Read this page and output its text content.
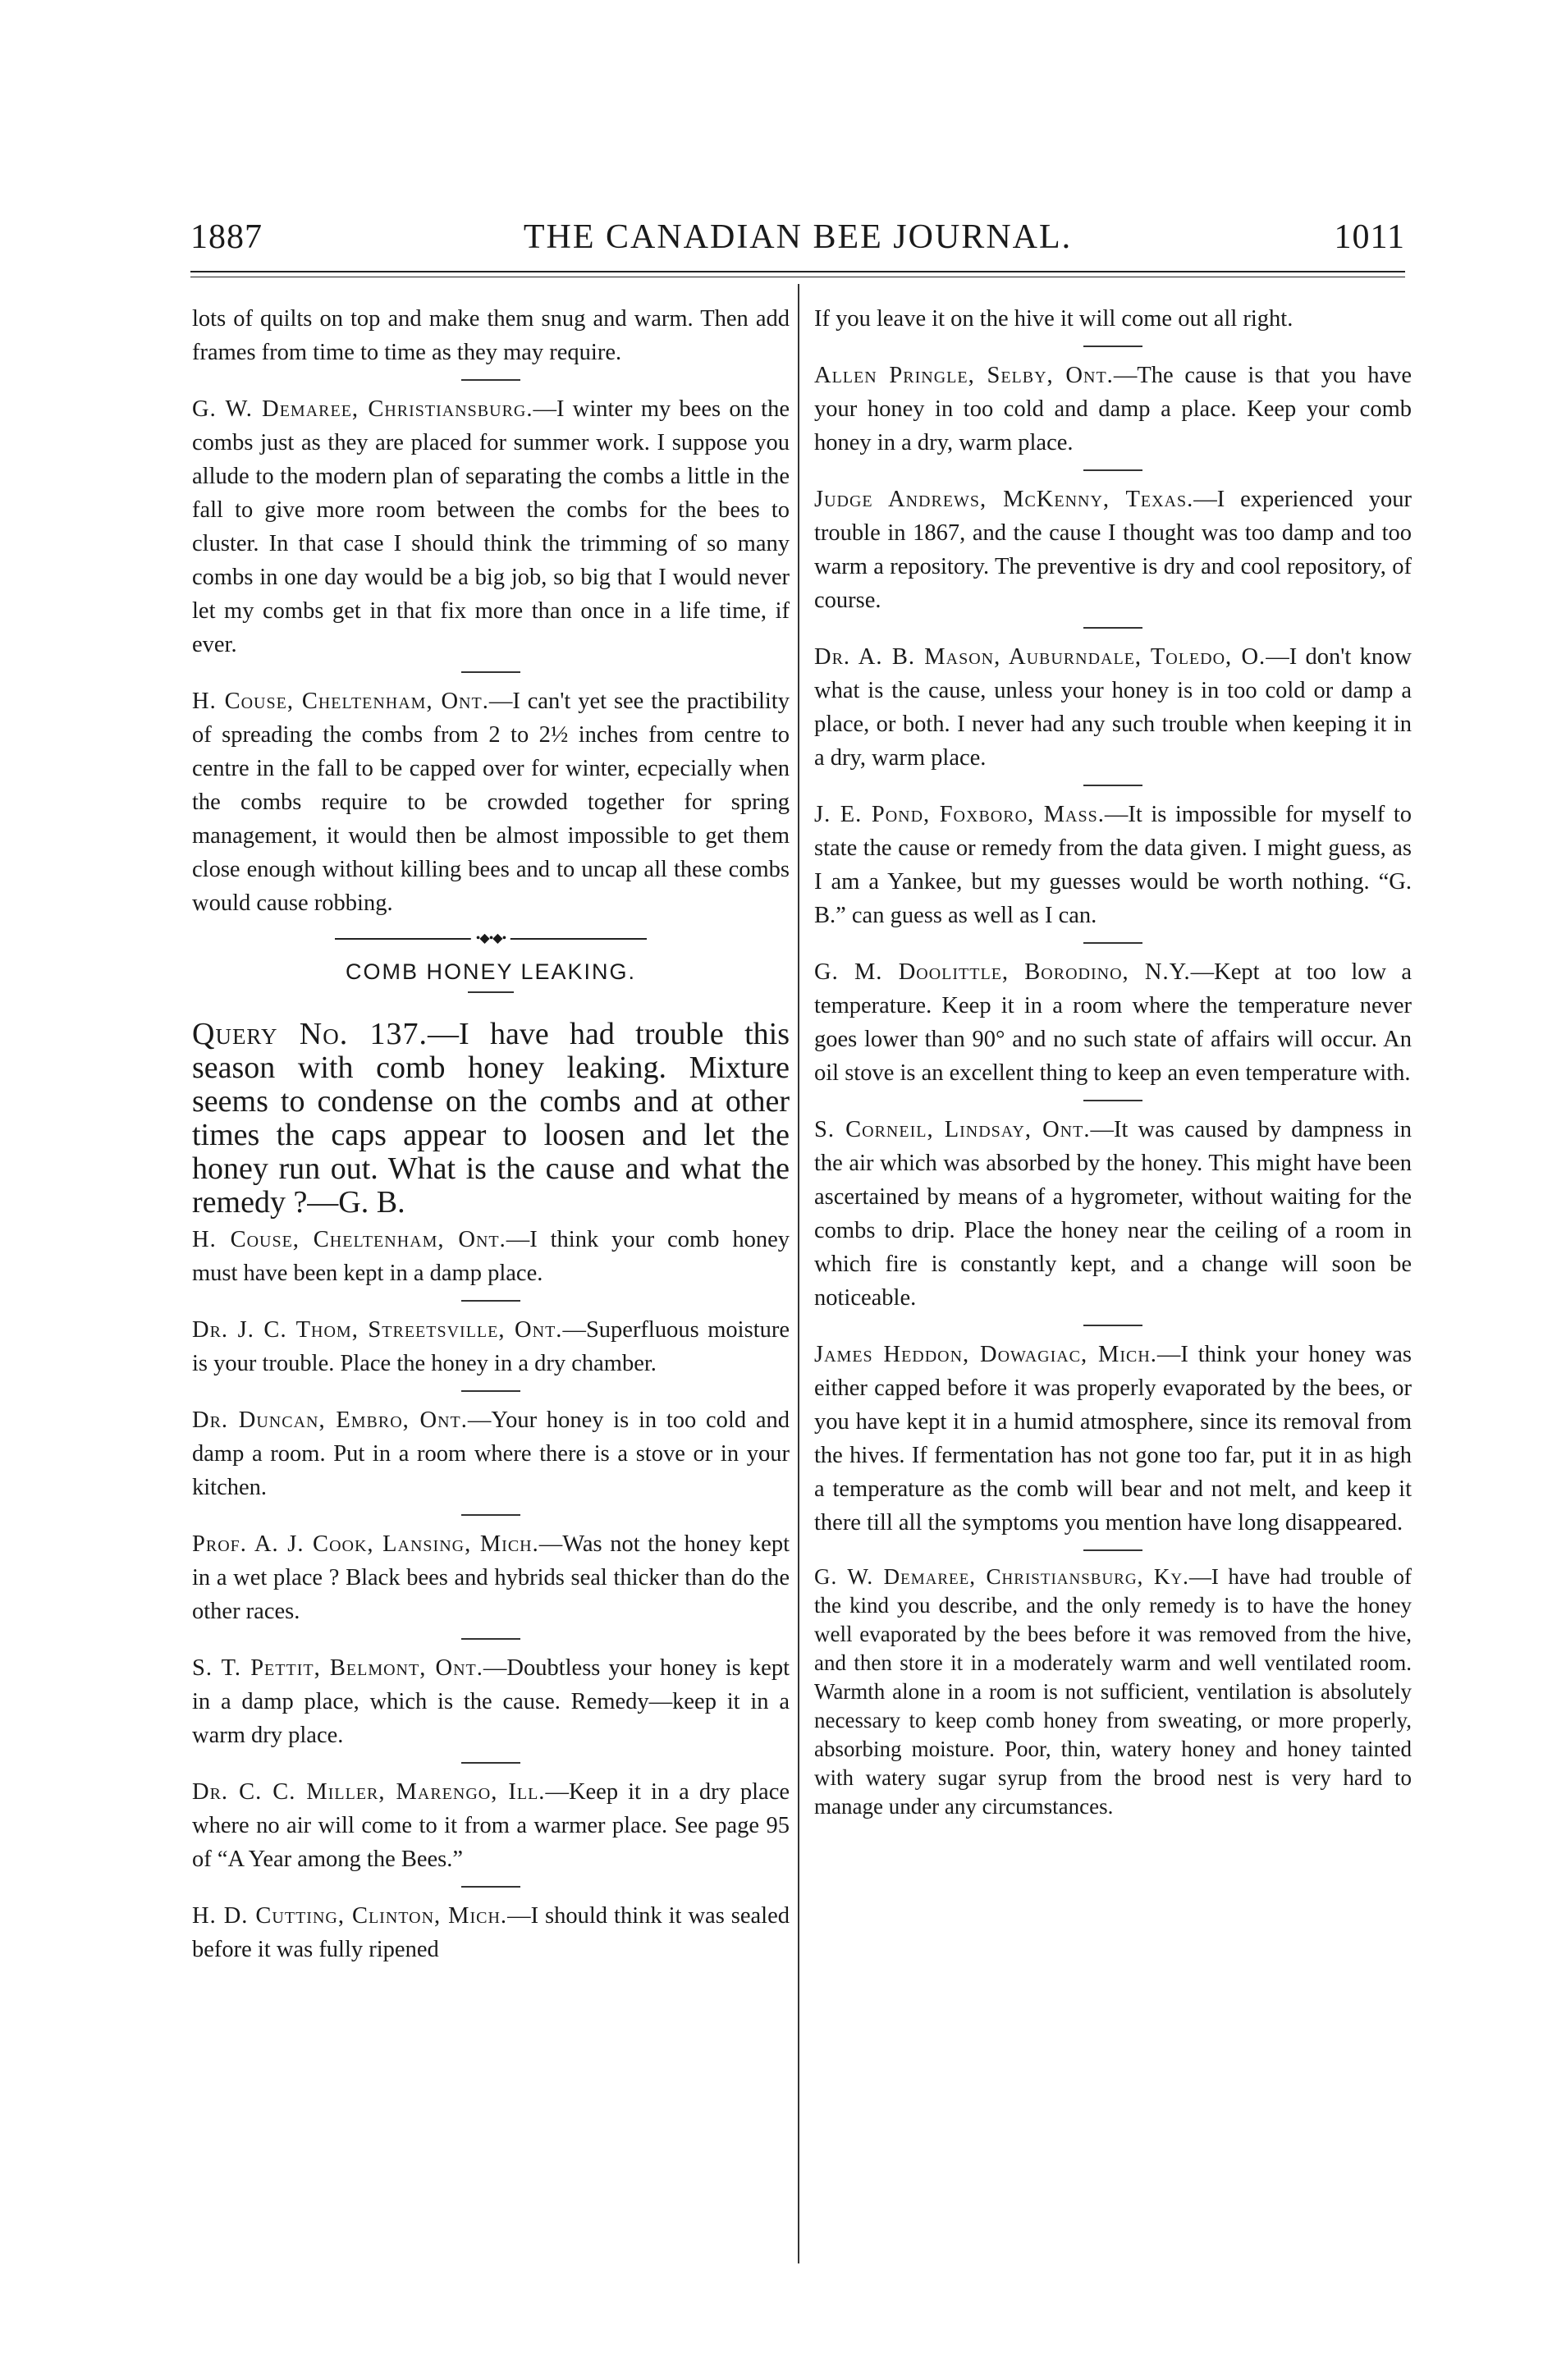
1887	THE CANADIAN BEE JOURNAL.	1011

lots of quilts on top and make them snug and warm. Then add frames from time to time as they may require.

G. W. Demaree, Christiansburg.—I winter my bees on the combs just as they are placed for summer work. I suppose you allude to the modern plan of separating the combs a little in the fall to give more room between the combs for the bees to cluster. In that case I should think the trimming of so many combs in one day would be a big job, so big that I would never let my combs get in that fix more than once in a life time, if ever.

H. Couse, Cheltenham, Ont.—I can't yet see the practibility of spreading the combs from 2 to 2½ inches from centre to centre in the fall to be capped over for winter, ecpecially when the combs require to be crowded together for spring management, it would then be almost impossible to get them close enough without killing bees and to uncap all these combs would cause robbing.

•◆•◆•
COMB HONEY LEAKING.

Query No. 137.—I have had trouble this season with comb honey leaking. Mixture seems to condense on the combs and at other times the caps appear to loosen and let the honey run out. What is the cause and what the remedy ?—G. B.

H. Couse, Cheltenham, Ont.—I think your comb honey must have been kept in a damp place.

Dr. J. C. Thom, Streetsville, Ont.—Superfluous moisture is your trouble. Place the honey in a dry chamber.

Dr. Duncan, Embro, Ont.—Your honey is in too cold and damp a room. Put in a room where there is a stove or in your kitchen.

Prof. A. J. Cook, Lansing, Mich.—Was not the honey kept in a wet place ? Black bees and hybrids seal thicker than do the other races.

S. T. Pettit, Belmont, Ont.—Doubtless your honey is kept in a damp place, which is the cause. Remedy—keep it in a warm dry place.

Dr. C. C. Miller, Marengo, Ill.—Keep it in a dry place where no air will come to it from a warmer place. See page 95 of “A Year among the Bees.”

H. D. Cutting, Clinton, Mich.—I should think it was sealed before it was fully ripened

If you leave it on the hive it will come out all right.

Allen Pringle, Selby, Ont.—The cause is that you have your honey in too cold and damp a place. Keep your comb honey in a dry, warm place.

Judge Andrews, McKenny, Texas.—I experienced your trouble in 1867, and the cause I thought was too damp and too warm a repository. The preventive is dry and cool repository, of course.

Dr. A. B. Mason, Auburndale, Toledo, O.—I don't know what is the cause, unless your honey is in too cold or damp a place, or both. I never had any such trouble when keeping it in a dry, warm place.

J. E. Pond, Foxboro, Mass.—It is impossible for myself to state the cause or remedy from the data given. I might guess, as I am a Yankee, but my guesses would be worth nothing. “G. B.” can guess as well as I can.

G. M. Doolittle, Borodino, N.Y.—Kept at too low a temperature. Keep it in a room where the temperature never goes lower than 90° and no such state of affairs will occur. An oil stove is an excellent thing to keep an even temperature with.

S. Corneil, Lindsay, Ont.—It was caused by dampness in the air which was absorbed by the honey. This might have been ascertained by means of a hygrometer, without waiting for the combs to drip. Place the honey near the ceiling of a room in which fire is constantly kept, and a change will soon be noticeable.

James Heddon, Dowagiac, Mich.—I think your honey was either capped before it was properly evaporated by the bees, or you have kept it in a humid atmosphere, since its removal from the hives. If fermentation has not gone too far, put it in as high a temperature as the comb will bear and not melt, and keep it there till all the symptoms you mention have long disappeared.

G. W. Demaree, Christiansburg, Ky.—I have had trouble of the kind you describe, and the only remedy is to have the honey well evaporated by the bees before it was removed from the hive, and then store it in a moderately warm and well ventilated room. Warmth alone in a room is not sufficient, ventilation is absolutely necessary to keep comb honey from sweating, or more properly, absorbing moisture. Poor, thin, watery honey and honey tainted with watery sugar syrup from the brood nest is very hard to manage under any circumstances.
